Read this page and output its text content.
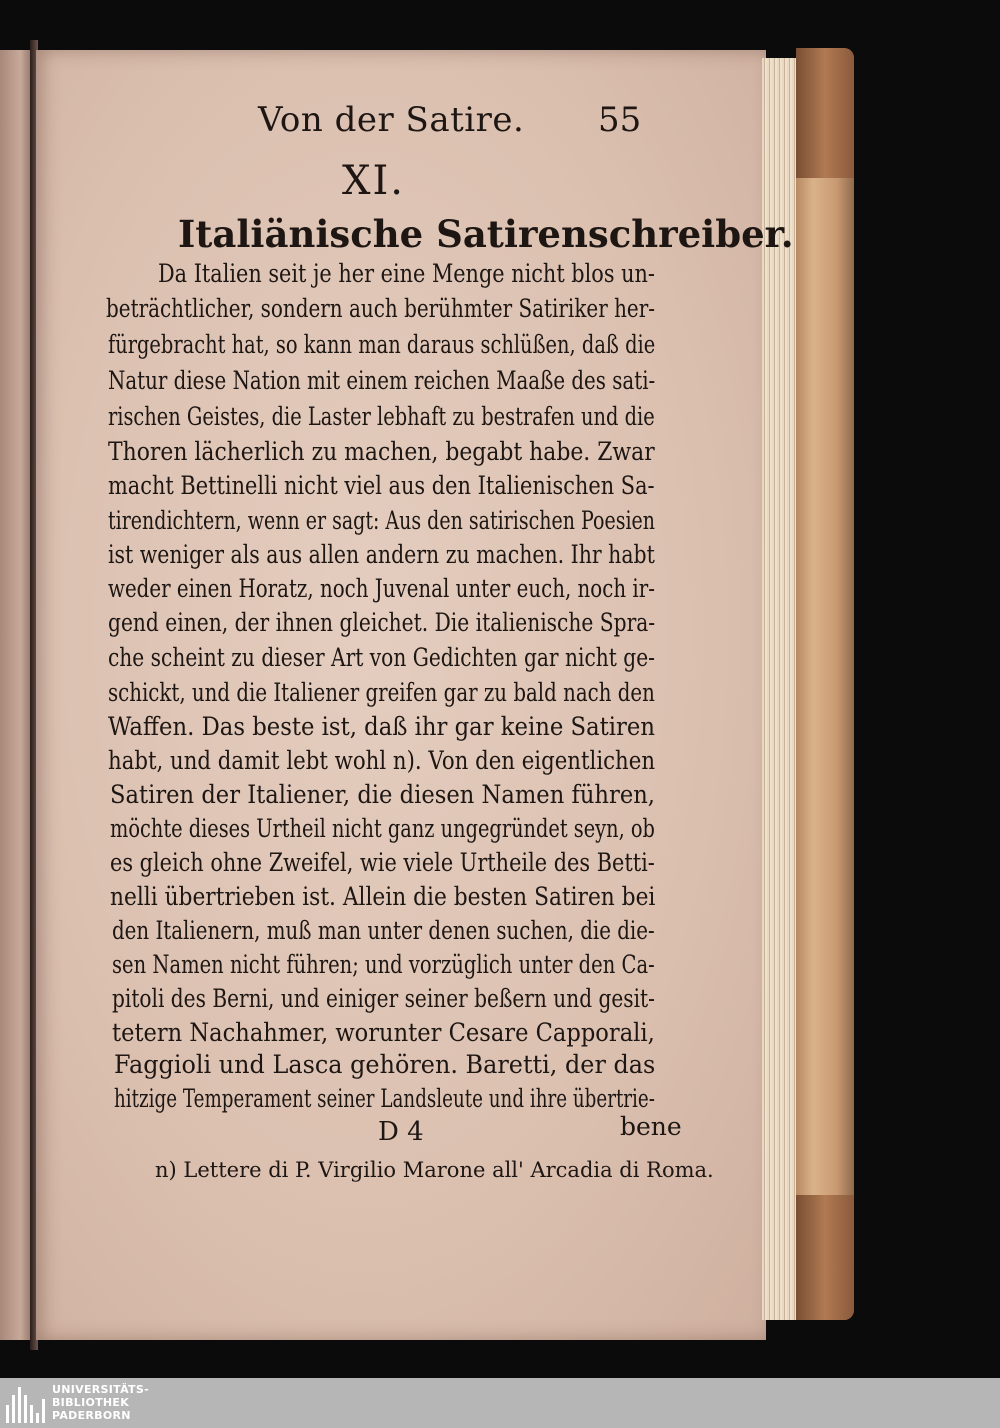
Von der Satire. 55
XI.
Italiänische Satirenschreiber.
Da Italien seit je her eine Menge nicht blos un-
beträchtlicher, sondern auch berühmter Satiriker her-
fürgebracht hat, so kann man daraus schlüßen, daß die
Natur diese Nation mit einem reichen Maaße des sati-
rischen Geistes, die Laster lebhaft zu bestrafen und die
Thoren lächerlich zu machen, begabt habe. Zwar
macht Bettinelli nicht viel aus den Italienischen Sa-
tirendichtern, wenn er sagt: Aus den satirischen Poesien
ist weniger als aus allen andern zu machen. Ihr habt
weder einen Horatz, noch Juvenal unter euch, noch ir-
gend einen, der ihnen gleichet. Die italienische Spra-
che scheint zu dieser Art von Gedichten gar nicht ge-
schickt, und die Italiener greifen gar zu bald nach den
Waffen. Das beste ist, daß ihr gar keine Satiren
habt, und damit lebt wohl n). Von den eigentlichen
Satiren der Italiener, die diesen Namen führen,
möchte dieses Urtheil nicht ganz ungegründet seyn, ob
es gleich ohne Zweifel, wie viele Urtheile des Betti-
nelli übertrieben ist. Allein die besten Satiren bei
den Italienern, muß man unter denen suchen, die die-
sen Namen nicht führen; und vorzüglich unter den Ca-
pitoli des Berni, und einiger seiner beßern und gesit-
tetern Nachahmer, worunter Cesare Capporali,
Faggioli und Lasca gehören. Baretti, der das
hitzige Temperament seiner Landsleute und ihre übertrie-
D 4	bene
n) Lettere di P. Virgilio Marone all' Arcadia di Roma.
UNIVERSITÄTS-
BIBLIOTHEK
PADERBORN
